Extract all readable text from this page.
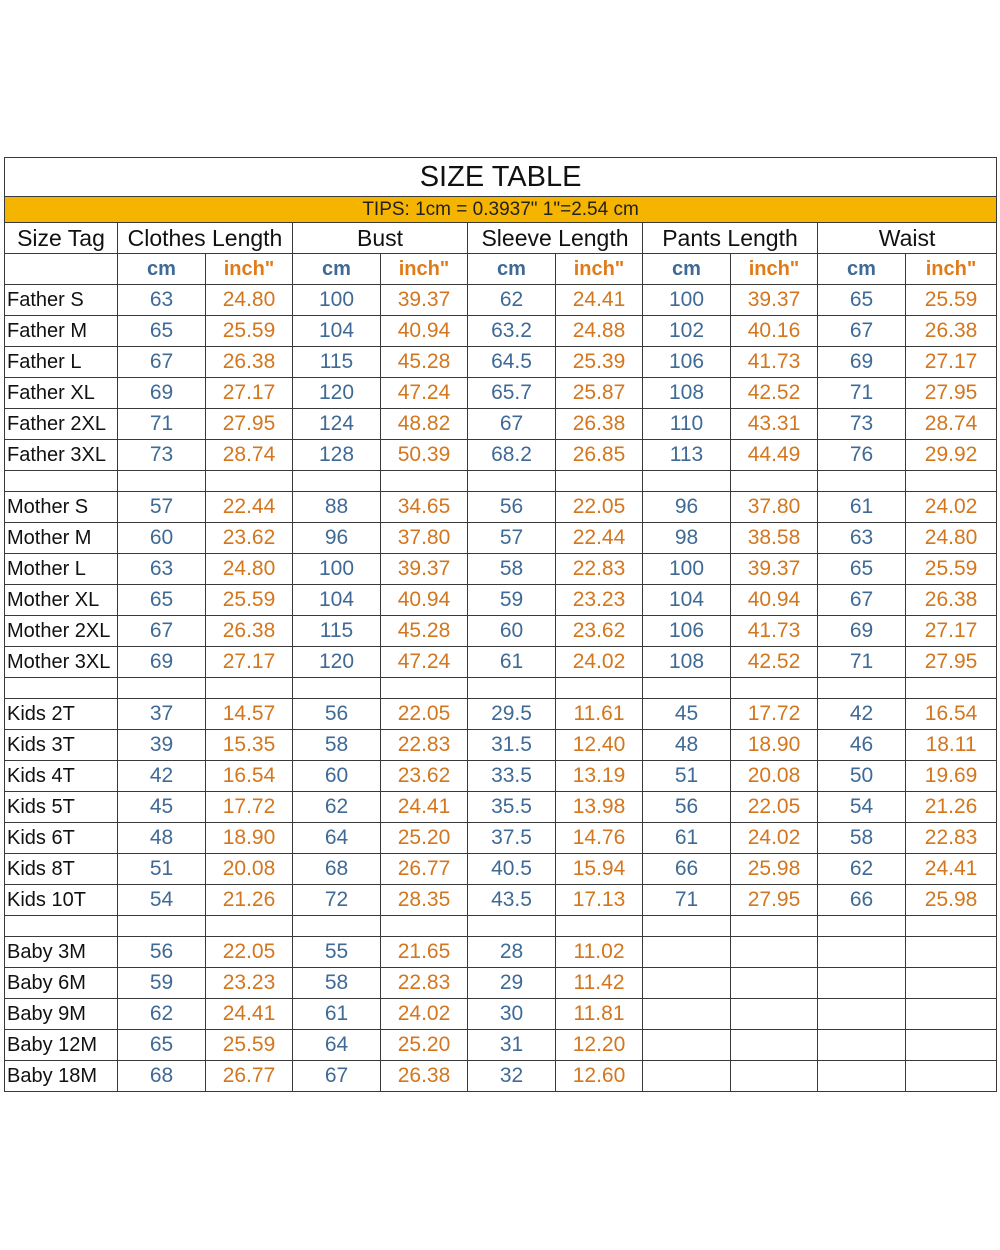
SIZE TABLE										
TIPS: 1cm = 0.3937" 1"=2.54 cm										
Size Tag	Clothes Length		Bust		Sleeve Length		Pants Length		Waist	
	cm	inch"	cm	inch"	cm	inch"	cm	inch"	cm	inch"
Father S	63	24.80	100	39.37	62	24.41	100	39.37	65	25.59
Father M	65	25.59	104	40.94	63.2	24.88	102	40.16	67	26.38
Father L	67	26.38	115	45.28	64.5	25.39	106	41.73	69	27.17
Father XL	69	27.17	120	47.24	65.7	25.87	108	42.52	71	27.95
Father 2XL	71	27.95	124	48.82	67	26.38	110	43.31	73	28.74
Father 3XL	73	28.74	128	50.39	68.2	26.85	113	44.49	76	29.92

Mother S	57	22.44	88	34.65	56	22.05	96	37.80	61	24.02
Mother M	60	23.62	96	37.80	57	22.44	98	38.58	63	24.80
Mother L	63	24.80	100	39.37	58	22.83	100	39.37	65	25.59
Mother XL	65	25.59	104	40.94	59	23.23	104	40.94	67	26.38
Mother 2XL	67	26.38	115	45.28	60	23.62	106	41.73	69	27.17
Mother 3XL	69	27.17	120	47.24	61	24.02	108	42.52	71	27.95

Kids 2T	37	14.57	56	22.05	29.5	11.61	45	17.72	42	16.54
Kids 3T	39	15.35	58	22.83	31.5	12.40	48	18.90	46	18.11
Kids 4T	42	16.54	60	23.62	33.5	13.19	51	20.08	50	19.69
Kids 5T	45	17.72	62	24.41	35.5	13.98	56	22.05	54	21.26
Kids 6T	48	18.90	64	25.20	37.5	14.76	61	24.02	58	22.83
Kids 8T	51	20.08	68	26.77	40.5	15.94	66	25.98	62	24.41
Kids 10T	54	21.26	72	28.35	43.5	17.13	71	27.95	66	25.98

Baby 3M	56	22.05	55	21.65	28	11.02				
Baby 6M	59	23.23	58	22.83	29	11.42				
Baby 9M	62	24.41	61	24.02	30	11.81				
Baby 12M	65	25.59	64	25.20	31	12.20				
Baby 18M	68	26.77	67	26.38	32	12.60				
